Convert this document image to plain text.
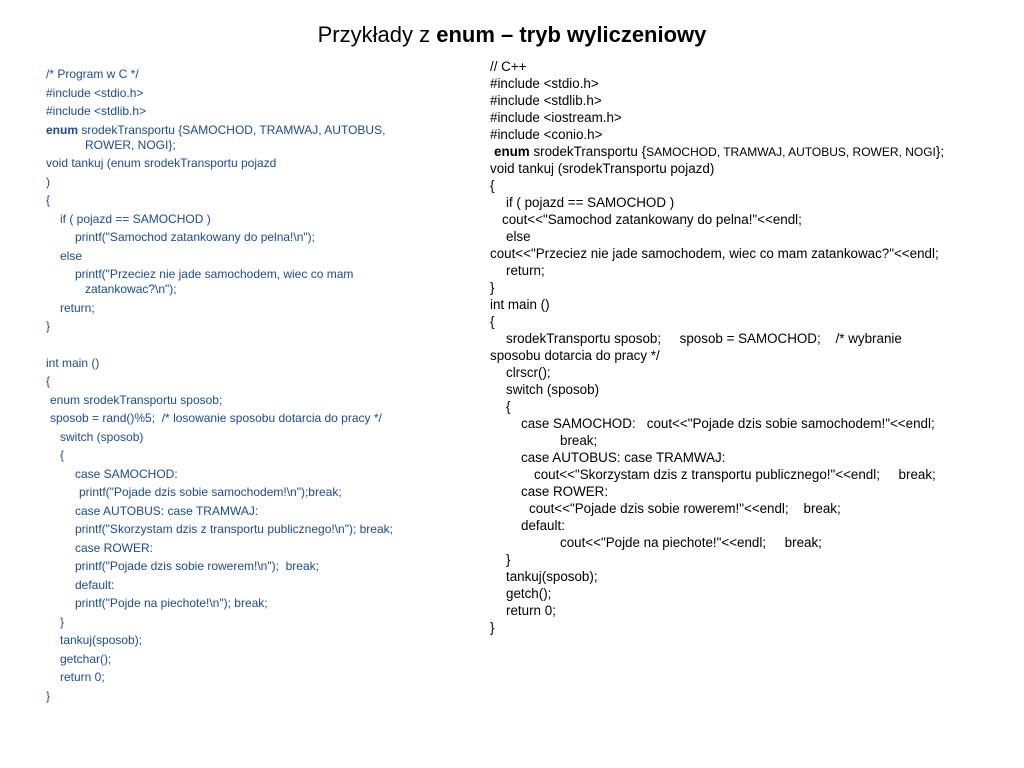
Przykłady z enum – tryb wyliczeniowy
/* Program w C */
#include <stdio.h>
#include <stdlib.h>
enum srodekTransportu {SAMOCHOD, TRAMWAJ, AUTOBUS,
ROWER, NOGI};
void tankuj (enum srodekTransportu pojazd
)
{
if ( pojazd == SAMOCHOD )
printf("Samochod zatankowany do pelna!\n");
else
printf("Przeciez nie jade samochodem, wiec co mam
zatankowac?\n");
return;
}
int main ()
{
enum srodekTransportu sposob;
sposob = rand()%5;  /* losowanie sposobu dotarcia do pracy */
switch (sposob)
{
case SAMOCHOD:
printf("Pojade dzis sobie samochodem!\n");break;
case AUTOBUS: case TRAMWAJ:
printf("Skorzystam dzis z transportu publicznego!\n"); break;
case ROWER:
printf("Pojade dzis sobie rowerem!\n");  break;
default:
printf("Pojde na piechote!\n"); break;
}
tankuj(sposob);
getchar();
return 0;
}
// C++
#include <stdio.h>
#include <stdlib.h>
#include <iostream.h>
#include <conio.h>
enum srodekTransportu {SAMOCHOD, TRAMWAJ, AUTOBUS, ROWER, NOGI};
void tankuj (srodekTransportu pojazd)
{
if ( pojazd == SAMOCHOD )
cout<<"Samochod zatankowany do pelna!"<<endl;
else
cout<<"Przeciez nie jade samochodem, wiec co mam zatankowac?"<<endl;
return;
}
int main ()
{
srodekTransportu sposob;     sposob = SAMOCHOD;    /* wybranie
sposobu dotarcia do pracy */
clrscr();
switch (sposob)
{
case SAMOCHOD:   cout<<"Pojade dzis sobie samochodem!"<<endl;
break;
case AUTOBUS: case TRAMWAJ:
cout<<"Skorzystam dzis z transportu publicznego!"<<endl;     break;
case ROWER:
cout<<"Pojade dzis sobie rowerem!"<<endl;    break;
default:
cout<<"Pojde na piechote!"<<endl;     break;
}
tankuj(sposob);
getch();
return 0;
}
